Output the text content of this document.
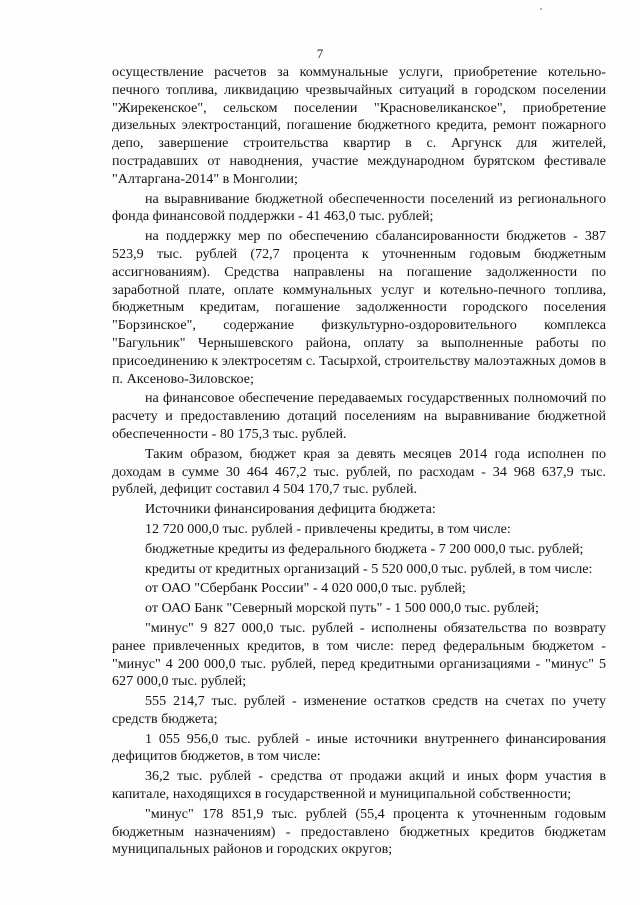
7

осуществление расчетов за коммунальные услуги, приобретение котельно-печного топлива, ликвидацию чрезвычайных ситуаций в городском поселении "Жирекенское", сельском поселении "Красновеликанское", приобретение дизельных электростанций, погашение бюджетного кредита, ремонт пожарного депо, завершение строительства квартир в с. Аргунск для жителей, пострадавших от наводнения, участие международном бурятском фестивале "Алтаргана-2014" в Монголии;

на выравнивание бюджетной обеспеченности поселений из регионального фонда финансовой поддержки - 41 463,0 тыс. рублей;

на поддержку мер по обеспечению сбалансированности бюджетов - 387 523,9 тыс. рублей (72,7 процента к уточненным годовым бюджетным ассигнованиям). Средства направлены на погашение задолженности по заработной плате, оплате коммунальных услуг и котельно-печного топлива, бюджетным кредитам, погашение задолженности городского поселения "Борзинское", содержание физкультурно-оздоровительного комплекса "Багульник" Чернышевского района, оплату за выполненные работы по присоединению к электросетям с. Тасырхой, строительству малоэтажных домов в п. Аксеново-Зиловское;

на финансовое обеспечение передаваемых государственных полномочий по расчету и предоставлению дотаций поселениям на выравнивание бюджетной обеспеченности - 80 175,3 тыс. рублей.

Таким образом, бюджет края за девять месяцев 2014 года исполнен по доходам в сумме 30 464 467,2 тыс. рублей, по расходам - 34 968 637,9 тыс. рублей, дефицит составил 4 504 170,7 тыс. рублей.

Источники финансирования дефицита бюджета:

12 720 000,0 тыс. рублей - привлечены кредиты, в том числе:

бюджетные кредиты из федерального бюджета - 7 200 000,0 тыс. рублей;

кредиты от кредитных организаций - 5 520 000,0 тыс. рублей, в том числе:

от ОАО "Сбербанк России" - 4 020 000,0 тыс. рублей;

от ОАО Банк "Северный морской путь" - 1 500 000,0 тыс. рублей;

"минус" 9 827 000,0 тыс. рублей - исполнены обязательства по возврату ранее привлеченных кредитов, в том числе: перед федеральным бюджетом - "минус" 4 200 000,0 тыс. рублей, перед кредитными организациями - "минус" 5 627 000,0 тыс. рублей;

555 214,7 тыс. рублей - изменение остатков средств на счетах по учету средств бюджета;

1 055 956,0 тыс. рублей - иные источники внутреннего финансирования дефицитов бюджетов, в том числе:

36,2 тыс. рублей - средства от продажи акций и иных форм участия в капитале, находящихся в государственной и муниципальной собственности;

"минус" 178 851,9 тыс. рублей (55,4 процента к уточненным годовым бюджетным назначениям) - предоставлено бюджетных кредитов бюджетам муниципальных районов и городских округов;
